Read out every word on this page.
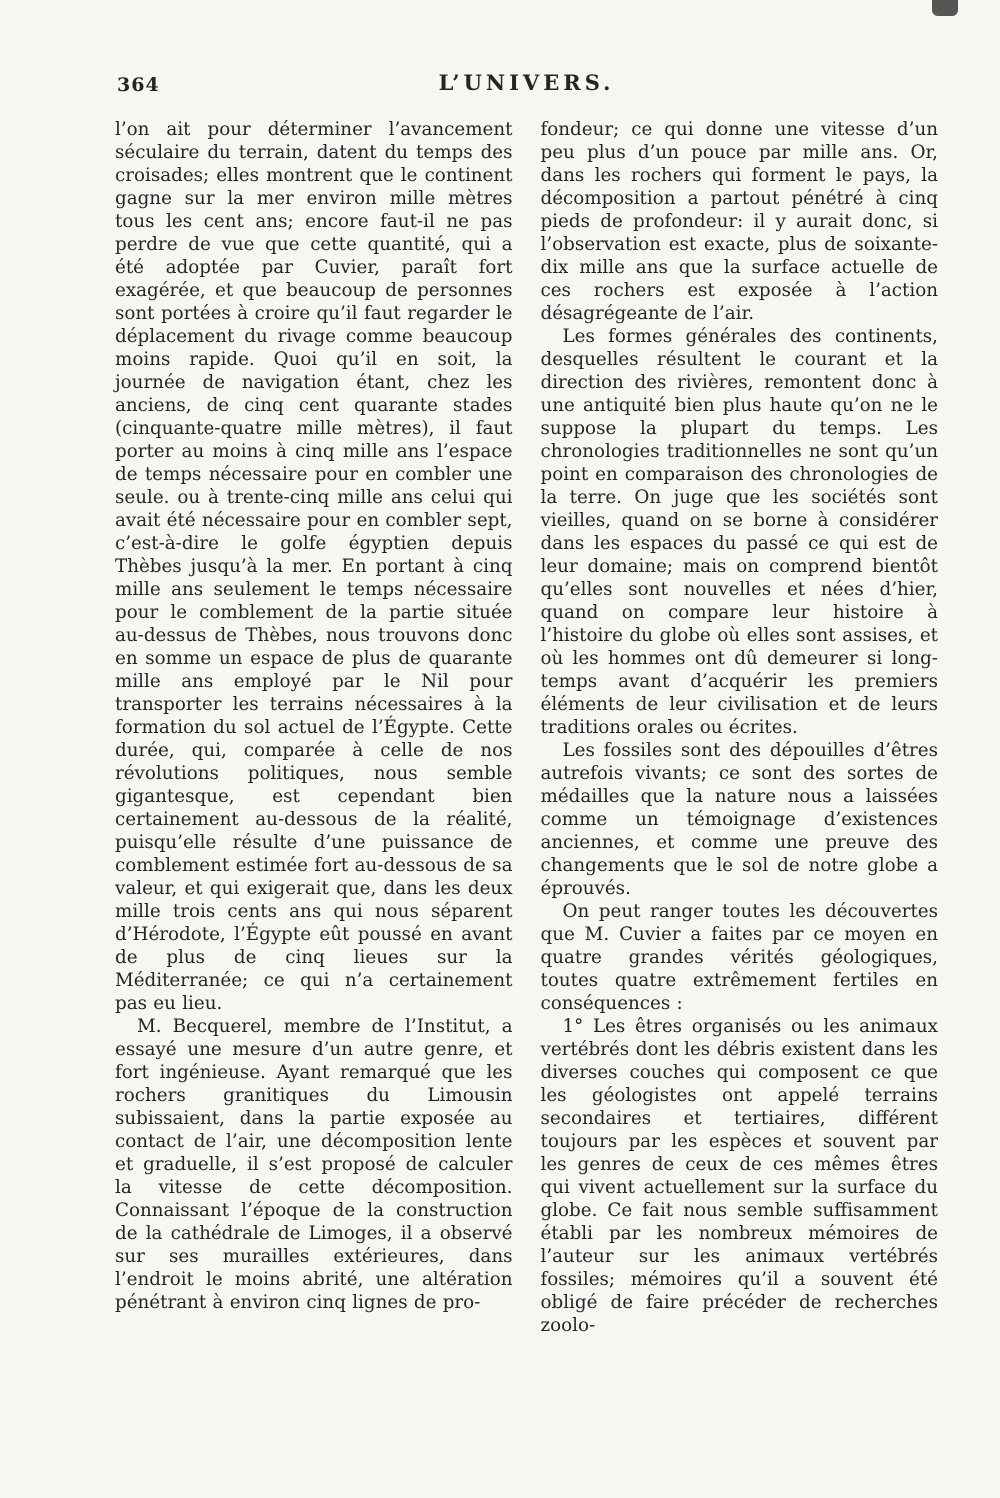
364	L’UNIVERS.

l’on ait pour déterminer l’avancement séculaire du terrain, datent du temps des croisades; elles montrent que le continent gagne sur la mer environ mille mètres tous les cent ans; encore faut-il ne pas perdre de vue que cette quantité, qui a été adoptée par Cuvier, paraît fort exagérée, et que beaucoup de personnes sont portées à croire qu’il faut regarder le déplacement du rivage comme beaucoup moins rapide. Quoi qu’il en soit, la journée de navigation étant, chez les anciens, de cinq cent quarante stades (cinquante-quatre mille mètres), il faut porter au moins à cinq mille ans l’espace de temps nécessaire pour en combler une seule. ou à trente-cinq mille ans celui qui avait été nécessaire pour en combler sept, c’est-à-dire le golfe égyptien depuis Thèbes jusqu’à la mer. En portant à cinq mille ans seulement le temps nécessaire pour le comblement de la partie située au-dessus de Thèbes, nous trouvons donc en somme un espace de plus de quarante mille ans employé par le Nil pour transporter les terrains nécessaires à la formation du sol actuel de l’Égypte. Cette durée, qui, comparée à celle de nos révolutions politiques, nous semble gigantesque, est cependant bien certainement au-dessous de la réalité, puisqu’elle résulte d’une puissance de comblement estimée fort au-dessous de sa valeur, et qui exigerait que, dans les deux mille trois cents ans qui nous séparent d’Hérodote, l’Égypte eût poussé en avant de plus de cinq lieues sur la Méditerranée; ce qui n’a certainement pas eu lieu.

M. Becquerel, membre de l’Institut, a essayé une mesure d’un autre genre, et fort ingénieuse. Ayant remarqué que les rochers granitiques du Limousin subissaient, dans la partie exposée au contact de l’air, une décomposition lente et graduelle, il s’est proposé de calculer la vitesse de cette décomposition. Connaissant l’époque de la construction de la cathédrale de Limoges, il a observé sur ses murailles extérieures, dans l’endroit le moins abrité, une altération pénétrant à environ cinq lignes de pro-

fondeur; ce qui donne une vitesse d’un peu plus d’un pouce par mille ans. Or, dans les rochers qui forment le pays, la décomposition a partout pénétré à cinq pieds de profondeur: il y aurait donc, si l’observation est exacte, plus de soixante-dix mille ans que la surface actuelle de ces rochers est exposée à l’action désagrégeante de l’air.

Les formes générales des continents, desquelles résultent le courant et la direction des rivières, remontent donc à une antiquité bien plus haute qu’on ne le suppose la plupart du temps. Les chronologies traditionnelles ne sont qu’un point en comparaison des chronologies de la terre. On juge que les sociétés sont vieilles, quand on se borne à considérer dans les espaces du passé ce qui est de leur domaine; mais on comprend bientôt qu’elles sont nouvelles et nées d’hier, quand on compare leur histoire à l’histoire du globe où elles sont assises, et où les hommes ont dû demeurer si long-temps avant d’acquérir les premiers éléments de leur civilisation et de leurs traditions orales ou écrites.

Les fossiles sont des dépouilles d’êtres autrefois vivants; ce sont des sortes de médailles que la nature nous a laissées comme un témoignage d’existences anciennes, et comme une preuve des changements que le sol de notre globe a éprouvés.

On peut ranger toutes les découvertes que M. Cuvier a faites par ce moyen en quatre grandes vérités géologiques, toutes quatre extrêmement fertiles en conséquences :

1° Les êtres organisés ou les animaux vertébrés dont les débris existent dans les diverses couches qui composent ce que les géologistes ont appelé terrains secondaires et tertiaires, différent toujours par les espèces et souvent par les genres de ceux de ces mêmes êtres qui vivent actuellement sur la surface du globe. Ce fait nous semble suffisamment établi par les nombreux mémoires de l’auteur sur les animaux vertébrés fossiles; mémoires qu’il a souvent été obligé de faire précéder de recherches zoolo-
